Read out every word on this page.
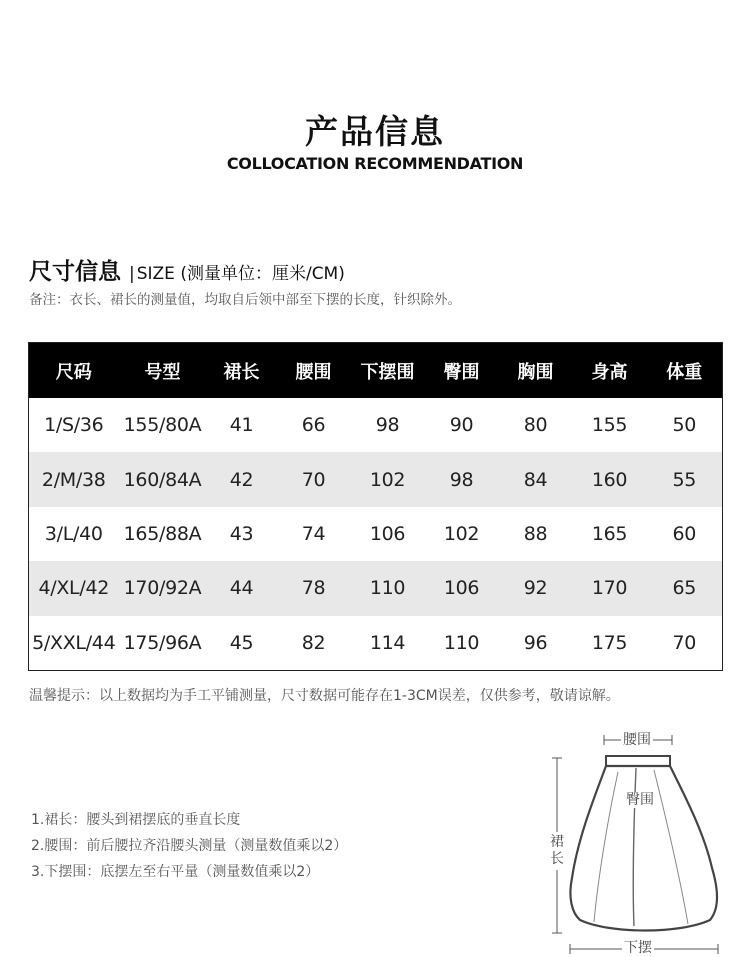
产品信息
COLLOCATION RECOMMENDATION
尺寸信息 | SIZE (测量单位：厘米/CM)
备注：衣长、裙长的测量值，均取自后领中部至下摆的长度，针织除外。
尺码	号型	裙长	腰围	下摆围	臀围	胸围	身高	体重
1/S/36	155/80A	41	66	98	90	80	155	50
2/M/38	160/84A	42	70	102	98	84	160	55
3/L/40	165/88A	43	74	106	102	88	165	60
4/XL/42	170/92A	44	78	110	106	92	170	65
5/XXL/44	175/96A	45	82	114	110	96	175	70
温馨提示：以上数据均为手工平铺测量，尺寸数据可能存在1-3CM误差，仅供参考，敬请谅解。
1.裙长：腰头到裙摆底的垂直长度
2.腰围：前后腰拉齐沿腰头测量（测量数值乘以2）
3.下摆围：底摆左至右平量（测量数值乘以2）
腰围
臀围
裙长
下摆
